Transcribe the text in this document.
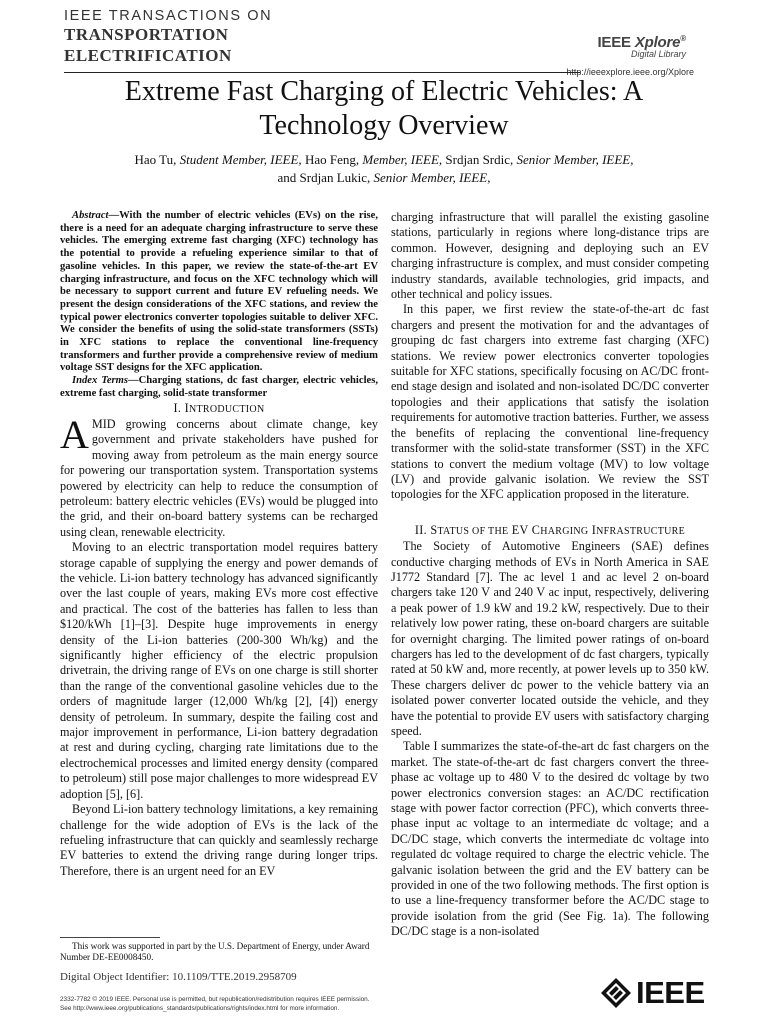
IEEE TRANSACTIONS ON
TRANSPORTATION
ELECTRIFICATION
IEEE Xplore®
Digital Library
http://ieeexplore.ieee.org/Xplore
Extreme Fast Charging of Electric Vehicles: A Technology Overview
Hao Tu, Student Member, IEEE, Hao Feng, Member, IEEE, Srdjan Srdic, Senior Member, IEEE,
and Srdjan Lukic, Senior Member, IEEE,

Abstract—With the number of electric vehicles (EVs) on the rise, there is a need for an adequate charging infrastructure to serve these vehicles. The emerging extreme fast charging (XFC) technology has the potential to provide a refueling experience similar to that of gasoline vehicles. In this paper, we review the state-of-the-art EV charging infrastructure, and focus on the XFC technology which will be necessary to support current and future EV refueling needs. We present the design considerations of the XFC stations, and review the typical power electronics converter topologies suitable to deliver XFC. We consider the benefits of using the solid-state transformers (SSTs) in XFC stations to replace the conventional line-frequency transformers and further provide a comprehensive review of medium voltage SST designs for the XFC application.

Index Terms—Charging stations, dc fast charger, electric vehicles, extreme fast charging, solid-state transformer

I. INTRODUCTION

AMID growing concerns about climate change, key government and private stakeholders have pushed for moving away from petroleum as the main energy source for powering our transportation system. Transportation systems powered by electricity can help to reduce the consumption of petroleum: battery electric vehicles (EVs) would be plugged into the grid, and their on-board battery systems can be recharged using clean, renewable electricity.

Moving to an electric transportation model requires battery storage capable of supplying the energy and power demands of the vehicle. Li-ion battery technology has advanced significantly over the last couple of years, making EVs more cost effective and practical. The cost of the batteries has fallen to less than $120/kWh [1]–[3]. Despite huge improvements in energy density of the Li-ion batteries (200-300 Wh/kg) and the significantly higher efficiency of the electric propulsion drivetrain, the driving range of EVs on one charge is still shorter than the range of the conventional gasoline vehicles due to the orders of magnitude larger (12,000 Wh/kg [2], [4]) energy density of petroleum. In summary, despite the failing cost and major improvement in performance, Li-ion battery degradation at rest and during cycling, charging rate limitations due to the electrochemical processes and limited energy density (compared to petroleum) still pose major challenges to more widespread EV adoption [5], [6].

Beyond Li-ion battery technology limitations, a key remaining challenge for the wide adoption of EVs is the lack of the refueling infrastructure that can quickly and seamlessly recharge EV batteries to extend the driving range during longer trips. Therefore, there is an urgent need for an EV

charging infrastructure that will parallel the existing gasoline stations, particularly in regions where long-distance trips are common. However, designing and deploying such an EV charging infrastructure is complex, and must consider competing industry standards, available technologies, grid impacts, and other technical and policy issues.

In this paper, we first review the state-of-the-art dc fast chargers and present the motivation for and the advantages of grouping dc fast chargers into extreme fast charging (XFC) stations. We review power electronics converter topologies suitable for XFC stations, specifically focusing on AC/DC front-end stage design and isolated and non-isolated DC/DC converter topologies and their applications that satisfy the isolation requirements for automotive traction batteries. Further, we assess the benefits of replacing the conventional line-frequency transformer with the solid-state transformer (SST) in the XFC stations to convert the medium voltage (MV) to low voltage (LV) and provide galvanic isolation. We review the SST topologies for the XFC application proposed in the literature.

II. STATUS OF THE EV CHARGING INFRASTRUCTURE

The Society of Automotive Engineers (SAE) defines conductive charging methods of EVs in North America in SAE J1772 Standard [7]. The ac level 1 and ac level 2 on-board chargers take 120 V and 240 V ac input, respectively, delivering a peak power of 1.9 kW and 19.2 kW, respectively. Due to their relatively low power rating, these on-board chargers are suitable for overnight charging. The limited power ratings of on-board chargers has led to the development of dc fast chargers, typically rated at 50 kW and, more recently, at power levels up to 350 kW. These chargers deliver dc power to the vehicle battery via an isolated power converter located outside the vehicle, and they have the potential to provide EV users with satisfactory charging speed.

Table I summarizes the state-of-the-art dc fast chargers on the market. The state-of-the-art dc fast chargers convert the three-phase ac voltage up to 480 V to the desired dc voltage by two power electronics conversion stages: an AC/DC rectification stage with power factor correction (PFC), which converts three-phase input ac voltage to an intermediate dc voltage; and a DC/DC stage, which converts the intermediate dc voltage into regulated dc voltage required to charge the electric vehicle. The galvanic isolation between the grid and the EV battery can be provided in one of the two following methods. The first option is to use a line-frequency transformer before the AC/DC stage to provide isolation from the grid (See Fig. 1a). The following DC/DC stage is a non-isolated

This work was supported in part by the U.S. Department of Energy, under Award Number DE-EE0008450.
Digital Object Identifier: 10.1109/TTE.2019.2958709
2332-7782 © 2019 IEEE. Personal use is permitted, but republication/redistribution requires IEEE permission.
See http://www.ieee.org/publications_standards/publications/rights/index.html for more information.	IEEE
